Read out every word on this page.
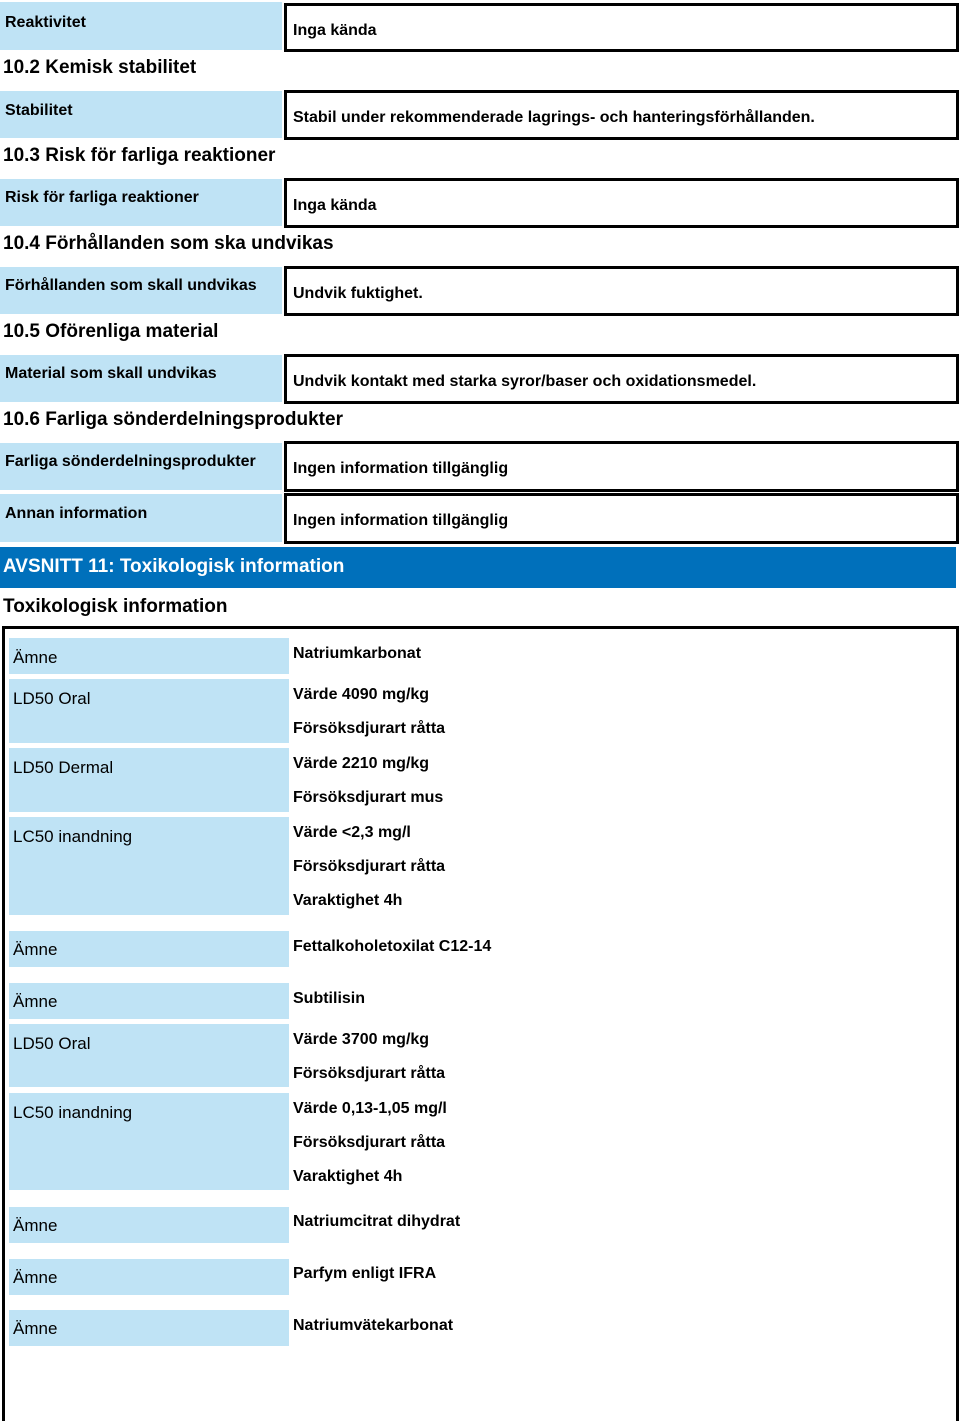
Reaktivitet	Inga kända
10.2 Kemisk stabilitet
Stabilitet	Stabil under rekommenderade lagrings- och hanteringsförhållanden.
10.3 Risk för farliga reaktioner
Risk för farliga reaktioner	Inga kända
10.4 Förhållanden som ska undvikas
Förhållanden som skall undvikas	Undvik fuktighet.
10.5 Oförenliga material
Material som skall undvikas	Undvik kontakt med starka syror/baser och oxidationsmedel.
10.6 Farliga sönderdelningsprodukter
Farliga sönderdelningsprodukter	Ingen information tillgänglig
Annan information	Ingen information tillgänglig
AVSNITT 11: Toxikologisk information
Toxikologisk information
Ämne	Natriumkarbonat
LD50 Oral	Värde 4090 mg/kg
Försöksdjurart råtta
LD50 Dermal	Värde 2210 mg/kg
Försöksdjurart mus
LC50 inandning	Värde <2,3 mg/l
Försöksdjurart råtta
Varaktighet 4h
Ämne	Fettalkoholetoxilat C12-14
Ämne	Subtilisin
LD50 Oral	Värde 3700 mg/kg
Försöksdjurart råtta
LC50 inandning	Värde 0,13-1,05 mg/l
Försöksdjurart råtta
Varaktighet 4h
Ämne	Natriumcitrat dihydrat
Ämne	Parfym enligt IFRA
Ämne	Natriumvätekarbonat
